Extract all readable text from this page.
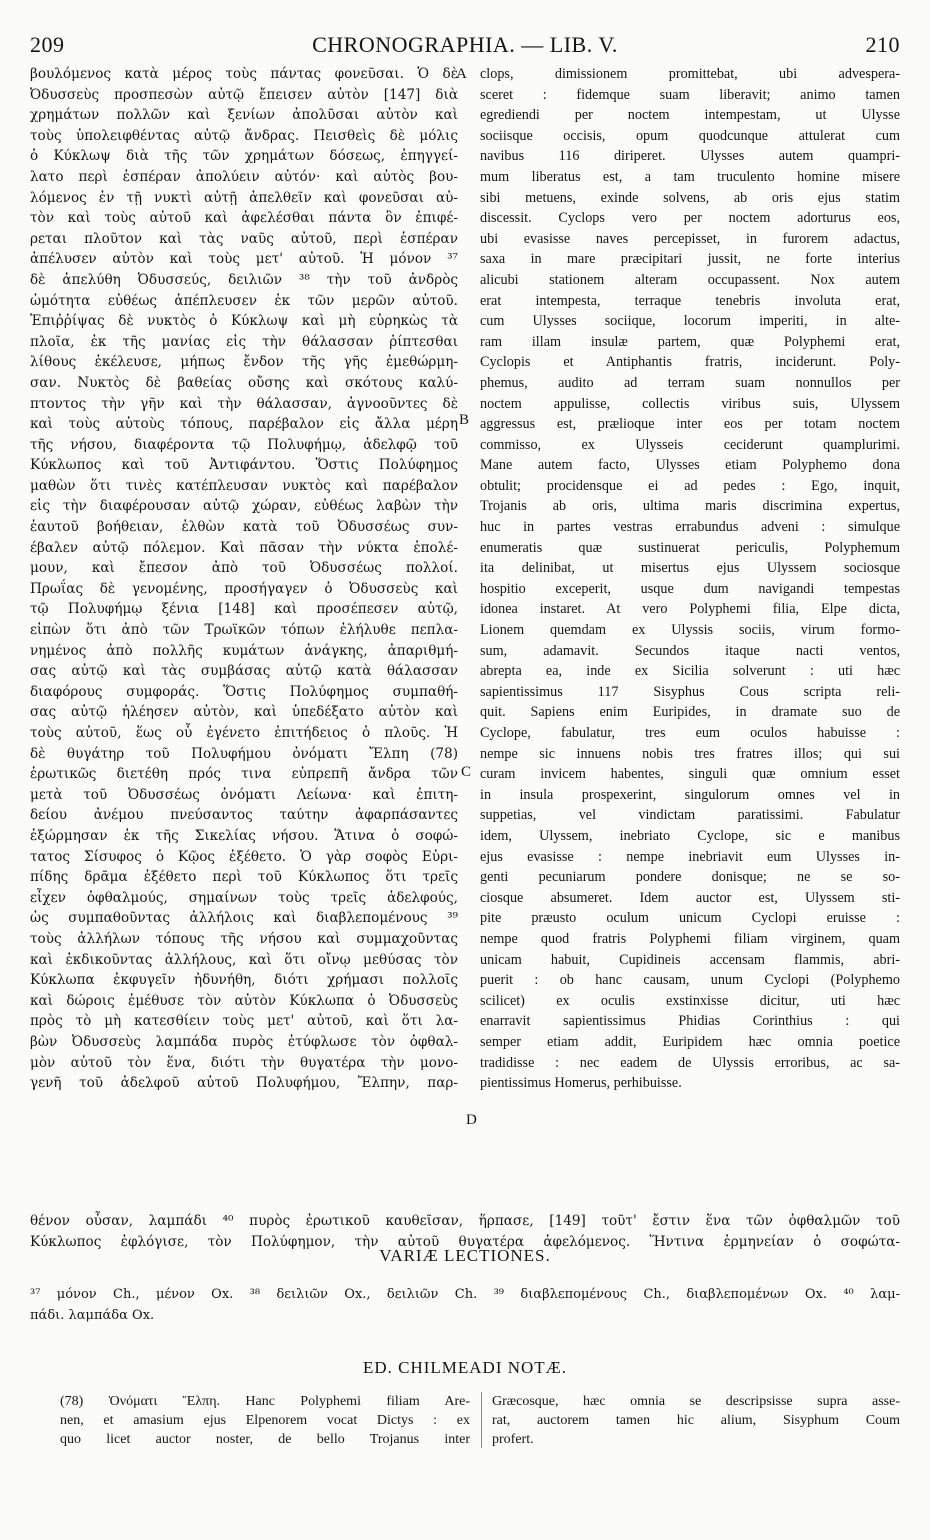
209	CHRONOGRAPHIA. — LIB. V.	210
βουλόμενος κατὰ μέρος τοὺς πάντας φονεῦσαι. Ὁ δὲ
Ὀδυσσεὺς προσπεσὼν αὐτῷ ἔπεισεν αὐτὸν [147] διὰ
χρημάτων πολλῶν καὶ ξενίων ἀπολῦσαι αὐτὸν καὶ
τοὺς ὑπολειφθέντας αὐτῷ ἄνδρας. Πεισθεὶς δὲ μόλις
ὁ Κύκλωψ διὰ τῆς τῶν χρημάτων δόσεως, ἐπηγγεί-
λατο περὶ ἑσπέραν ἀπολύειν αὐτόν· καὶ αὐτὸς βου-
λόμενος ἐν τῇ νυκτὶ αὐτῇ ἀπελθεῖν καὶ φονεῦσαι αὐ-
τὸν καὶ τοὺς αὐτοῦ καὶ ἀφελέσθαι πάντα ὃν ἐπιφέ-
ρεται πλοῦτον καὶ τὰς ναῦς αὐτοῦ, περὶ ἑσπέραν
ἀπέλυσεν αὐτὸν καὶ τοὺς μετ' αὐτοῦ. Ἡ μόνον ³⁷
δὲ ἀπελύθη Ὀδυσσεύς, δειλιῶν ³⁸ τὴν τοῦ ἀνδρὸς
ὠμότητα εὐθέως ἀπέπλευσεν ἐκ τῶν μερῶν αὐτοῦ.
Ἐπιῤῥίψας δὲ νυκτὸς ὁ Κύκλωψ καὶ μὴ εὑρηκὼς τὰ
πλοῖα, ἐκ τῆς μανίας εἰς τὴν θάλασσαν ῥίπτεσθαι
λίθους ἐκέλευσε, μήπως ἔνδον τῆς γῆς ἐμεθώρμη-
σαν. Νυκτὸς δὲ βαθείας οὔσης καὶ σκότους καλύ-
πτοντος τὴν γῆν καὶ τὴν θάλασσαν, ἀγνοοῦντες δὲ
καὶ τοὺς αὐτοὺς τόπους, παρέβαλον εἰς ἄλλα μέρη
τῆς νήσου, διαφέροντα τῷ Πολυφήμῳ, ἀδελφῷ τοῦ
Κύκλωπος καὶ τοῦ Ἀντιφάντου. Ὅστις Πολύφημος
μαθὼν ὅτι τινὲς κατέπλευσαν νυκτὸς καὶ παρέβαλον
εἰς τὴν διαφέρουσαν αὐτῷ χώραν, εὐθέως λαβὼν τὴν
ἑαυτοῦ βοήθειαν, ἐλθὼν κατὰ τοῦ Ὀδυσσέως συν-
έβαλεν αὐτῷ πόλεμον. Καὶ πᾶσαν τὴν νύκτα ἐπολέ-
μουν, καὶ ἔπεσον ἀπὸ τοῦ Ὀδυσσέως πολλοί.
Πρωΐας δὲ γενομένης, προσήγαγεν ὁ Ὀδυσσεὺς καὶ
τῷ Πολυφήμῳ ξένια [148] καὶ προσέπεσεν αὐτῷ,
εἰπὼν ὅτι ἀπὸ τῶν Τρωϊκῶν τόπων ἐλήλυθε πεπλα-
νημένος ἀπὸ πολλῆς κυμάτων ἀνάγκης, ἀπαριθμή-
σας αὐτῷ καὶ τὰς συμβάσας αὐτῷ κατὰ θάλασσαν
διαφόρους συμφοράς. Ὅστις Πολύφημος συμπαθή-
σας αὐτῷ ἠλέησεν αὐτὸν, καὶ ὑπεδέξατο αὐτὸν καὶ
τοὺς αὐτοῦ, ἕως οὗ ἐγένετο ἐπιτήδειος ὁ πλοῦς. Ἡ
δὲ θυγάτηρ τοῦ Πολυφήμου ὀνόματι Ἔλπη (78)
ἐρωτικῶς διετέθη πρός τινα εὐπρεπῆ ἄνδρα τῶν
μετὰ τοῦ Ὀδυσσέως ὀνόματι Λείωνα· καὶ ἐπιτη-
δείου ἀνέμου πνεύσαντος ταύτην ἁφαρπάσαντες
ἐξώρμησαν ἐκ τῆς Σικελίας νήσου. Ἅτινα ὁ σοφώ-
τατος Σίσυφος ὁ Κῷος ἐξέθετο. Ὁ γὰρ σοφὸς Εὐρι-
πίδης δρᾶμα ἐξέθετο περὶ τοῦ Κύκλωπος ὅτι τρεῖς
εἶχεν ὀφθαλμούς, σημαίνων τοὺς τρεῖς ἀδελφούς,
ὡς συμπαθοῦντας ἀλλήλοις καὶ διαβλεπομένους ³⁹
τοὺς ἀλλήλων τόπους τῆς νήσου καὶ συμμαχοῦντας
καὶ ἐκδικοῦντας ἀλλήλους, καὶ ὅτι οἴνῳ μεθύσας τὸν
Κύκλωπα ἐκφυγεῖν ἠδυνήθη, διότι χρήμασι πολλοῖς
καὶ δώροις ἐμέθυσε τὸν αὐτὸν Κύκλωπα ὁ Ὀδυσσεὺς
πρὸς τὸ μὴ κατεσθίειν τοὺς μετ' αὐτοῦ, καὶ ὅτι λα-
βὼν Ὀδυσσεὺς λαμπάδα πυρὸς ἐτύφλωσε τὸν ὀφθαλ-
μὸν αὐτοῦ τὸν ἕνα, διότι τὴν θυγατέρα τὴν μονο-
γενῆ τοῦ ἀδελφοῦ αὐτοῦ Πολυφήμου, Ἔλπην, παρ-
A
B
C
D
clops, dimissionem promittebat, ubi advespera-
sceret : fidemque suam liberavit; animo tamen
egrediendi per noctem intempestam, ut Ulysse
sociisque occisis, opum quodcunque attulerat cum
navibus 116 diriperet. Ulysses autem quampri-
mum liberatus est, a tam truculento homine misere
sibi metuens, exinde solvens, ab oris ejus statim
discessit. Cyclops vero per noctem adorturus eos,
ubi evasisse naves percepisset, in furorem adactus,
saxa in mare præcipitari jussit, ne forte interius
alicubi stationem alteram occupassent. Nox autem
erat intempesta, terraque tenebris involuta erat,
cum Ulysses sociique, locorum imperiti, in alte-
ram illam insulæ partem, quæ Polyphemi erat,
Cyclopis et Antiphantis fratris, inciderunt. Poly-
phemus, audito ad terram suam nonnullos per
noctem appulisse, collectis viribus suis, Ulyssem
aggressus est, prælioque inter eos per totam noctem
commisso, ex Ulysseis ceciderunt quamplurimi.
Mane autem facto, Ulysses etiam Polyphemo dona
obtulit; procidensque ei ad pedes : Ego, inquit,
Trojanis ab oris, ultima maris discrimina expertus,
huc in partes vestras errabundus adveni : simulque
enumeratis quæ sustinuerat periculis, Polyphemum
ita delinibat, ut misertus ejus Ulyssem sociosque
hospitio exceperit, usque dum navigandi tempestas
idonea instaret. At vero Polyphemi filia, Elpe dicta,
Lionem quemdam ex Ulyssis sociis, virum formo-
sum, adamavit. Secundos itaque nacti ventos,
abrepta ea, inde ex Sicilia solverunt : uti hæc
sapientissimus 117 Sisyphus Cous scripta reli-
quit. Sapiens enim Euripides, in dramate suo de
Cyclope, fabulatur, tres eum oculos habuisse :
nempe sic innuens nobis tres fratres illos; qui sui
curam invicem habentes, singuli quæ omnium esset
in insula prospexerint, singulorum omnes vel in
suppetias, vel vindictam paratissimi. Fabulatur
idem, Ulyssem, inebriato Cyclope, sic e manibus
ejus evasisse : nempe inebriavit eum Ulysses in-
genti pecuniarum pondere donisque; ne se so-
ciosque absumeret. Idem auctor est, Ulyssem sti-
pite præusto oculum unicum Cyclopi eruisse :
nempe quod fratris Polyphemi filiam virginem, quam
unicam habuit, Cupidineis accensam flammis, abri-
puerit : ob hanc causam, unum Cyclopi (Polyphemo
scilicet) ex oculis exstinxisse dicitur, uti hæc
enarravit sapientissimus Phidias Corinthius : qui
semper etiam addit, Euripidem hæc omnia poetice
tradidisse : nec eadem de Ulyssis erroribus, ac sa-
pientissimus Homerus, perhibuisse.
θένον οὖσαν, λαμπάδι ⁴⁰ πυρὸς ἐρωτικοῦ καυθεῖσαν, ἥρπασε, [149] τοῦτ' ἔστιν ἕνα τῶν ὀφθαλμῶν τοῦ
Κύκλωπος ἐφλόγισε, τὸν Πολύφημον, τὴν αὐτοῦ θυγατέρα ἀφελόμενος. Ἥντινα ἑρμηνείαν ὁ σοφώτα-
VARIÆ LECTIONES.
³⁷ μόνον Ch., μένον Ox. ³⁸ δειλιῶν Ox., δειλιῶν Ch. ³⁹ διαβλεπομένους Ch., διαβλεπομένων Ox. ⁴⁰ λαμ-
πάδι. λαμπάδα Ox.
ED. CHILMEADI NOTÆ.
(78) Ὀνόματι Ἔλπη. Hanc Polyphemi filiam Are-
nen, et amasium ejus Elpenorem vocat Dictys : ex
quo licet auctor noster, de bello Trojanus inter
Græcosque, hæc omnia se descripsisse supra asse-
rat, auctorem tamen hic alium, Sisyphum Coum
profert.
